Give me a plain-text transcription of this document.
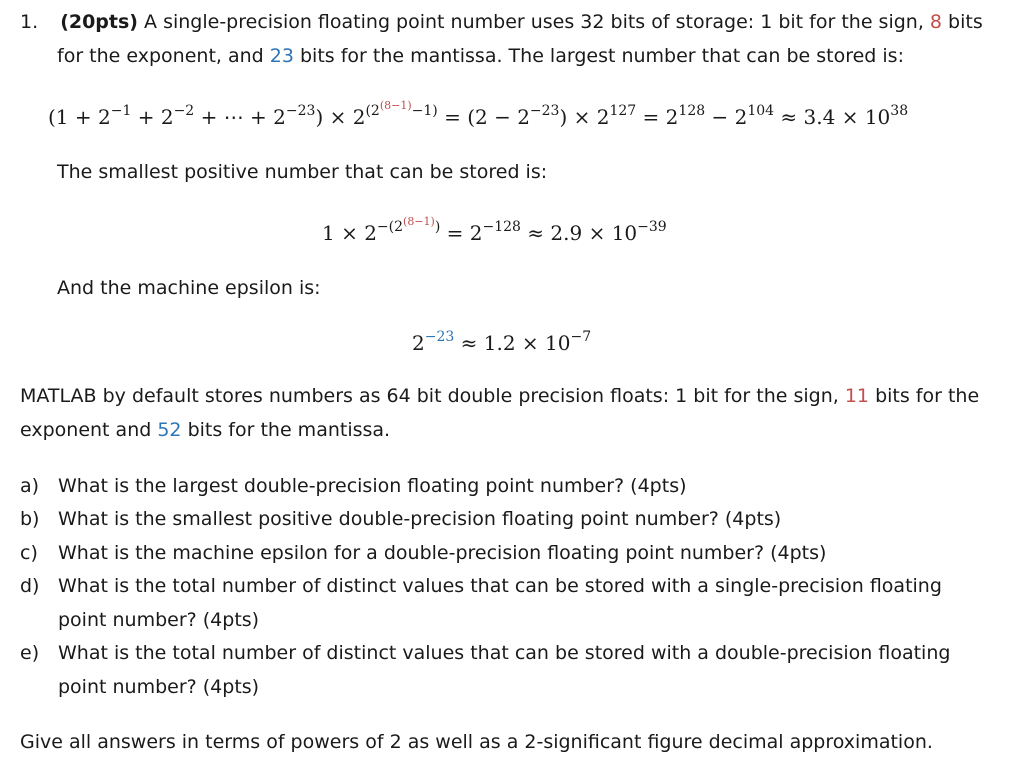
1. (20pts) A single-precision floating point number uses 32 bits of storage: 1 bit for the sign, 8 bits
for the exponent, and 23 bits for the mantissa. The largest number that can be stored is:
($1 + 2^{-1} + 2^{-2}$ + ⋯ + $2^{-23}) \times 2^{(2^{(8-1)}-1)} = (2 - 2^{-23}) \times 2^{127} = 2^{128} - 2^{104} \approx 3.4 \times 10^{38}$
The smallest positive number that can be stored is:
$1 \times 2^{-(2^{(8-1)})} = 2^{-128} \approx 2.9 \times 10^{-39}$
And the machine epsilon is:
$2^{-23} \approx 1.2 \times 10^{-7}$
MATLAB by default stores numbers as 64 bit double precision floats: 1 bit for the sign, 11 bits for the
exponent and 52 bits for the mantissa.
a) What is the largest double-precision floating point number? (4pts)
b) What is the smallest positive double-precision floating point number? (4pts)
c) What is the machine epsilon for a double-precision floating point number? (4pts)
d) What is the total number of distinct values that can be stored with a single-precision floating
point number? (4pts)
e) What is the total number of distinct values that can be stored with a double-precision floating
point number? (4pts)
Give all answers in terms of powers of 2 as well as a 2-significant figure decimal approximation.
